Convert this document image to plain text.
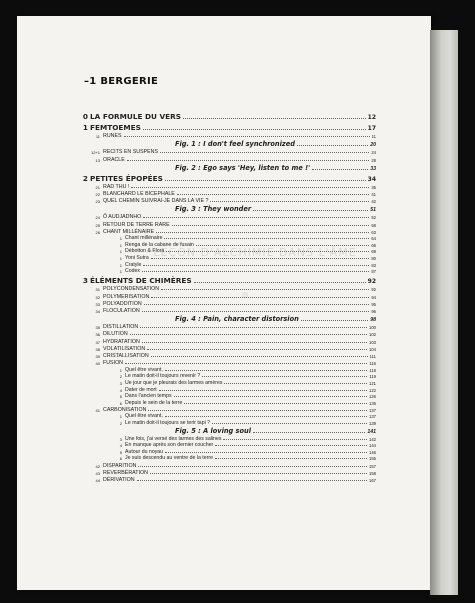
LEÇON D'ALCHIMIE DANS L'ÂME
◍
–1 BERGERIE
0 LA FORMULE DU VERS	12
1 FEMTOEMES	17
11 RUNES	11
Fig. 1 : I don't feel synchronized	20
12+1 RECITS EN SUSPENS	24
13 ORACLE	28
Fig. 2 : Ego says 'Hey, listen to me !'	33
2 PETITES ÉPOPÉES	34
21 RAD THU !	35
22 BLANCHARD LE BICEPHALE	41
23 QUEL CHEMIN SUIVRAI-JE DANS LA VIE ?	42
Fig. 3 : They wonder	51
24 Ô AUDJADNHO	52
25 RETOUR DE TERRE RARE	58
26 CHANT MILLÉNAIRE	63
1 Chant millénaire	64
1 Renga de la cabane de fusain	66
1 Débotton & Flora	69
1 Yoni Sutra	80
1 Cratyle	83
1 Codex	87
3 ÉLÉMENTS DE CHIMÈRES	92
31 POLYCONDENSATION	92
32 POLYMERISATION	94
33 POLYADDITION	95
34 FLOCULATION	96
Fig. 4 : Pain, character distorsion	98
35 DISTILLATION	100
36 DILUTION	102
37 HYDRATATION	103
38 VOLATILISATION	104
39 CRISTALLISATION	111
40 FUSION	116
1 Quel être vivant,	118
2 Le matin doit-il toujours revenir ?	119
3 Ue jour que je pleurais des larmes amères	121
4 Dater de mort	122
5 Dans l'ancien temps	126
6 Depuis le sein de la terre	135
41 CARBONISATION	137
1 Quel être vivant,	137
2 Le matin doit-il toujours se terir tapi ?	139
Fig. 5 : A loving soul	141
3 Une fois, j'ai versé des larmes des salines	142
4 En manque après son dernier coucher	144
5 Autour du noyau	146
6 Je suis descendu au ventre de la terre	155
42 DISPARITION	157
43 REVERBÉRATION	158
44 DÉRIVATION	167
